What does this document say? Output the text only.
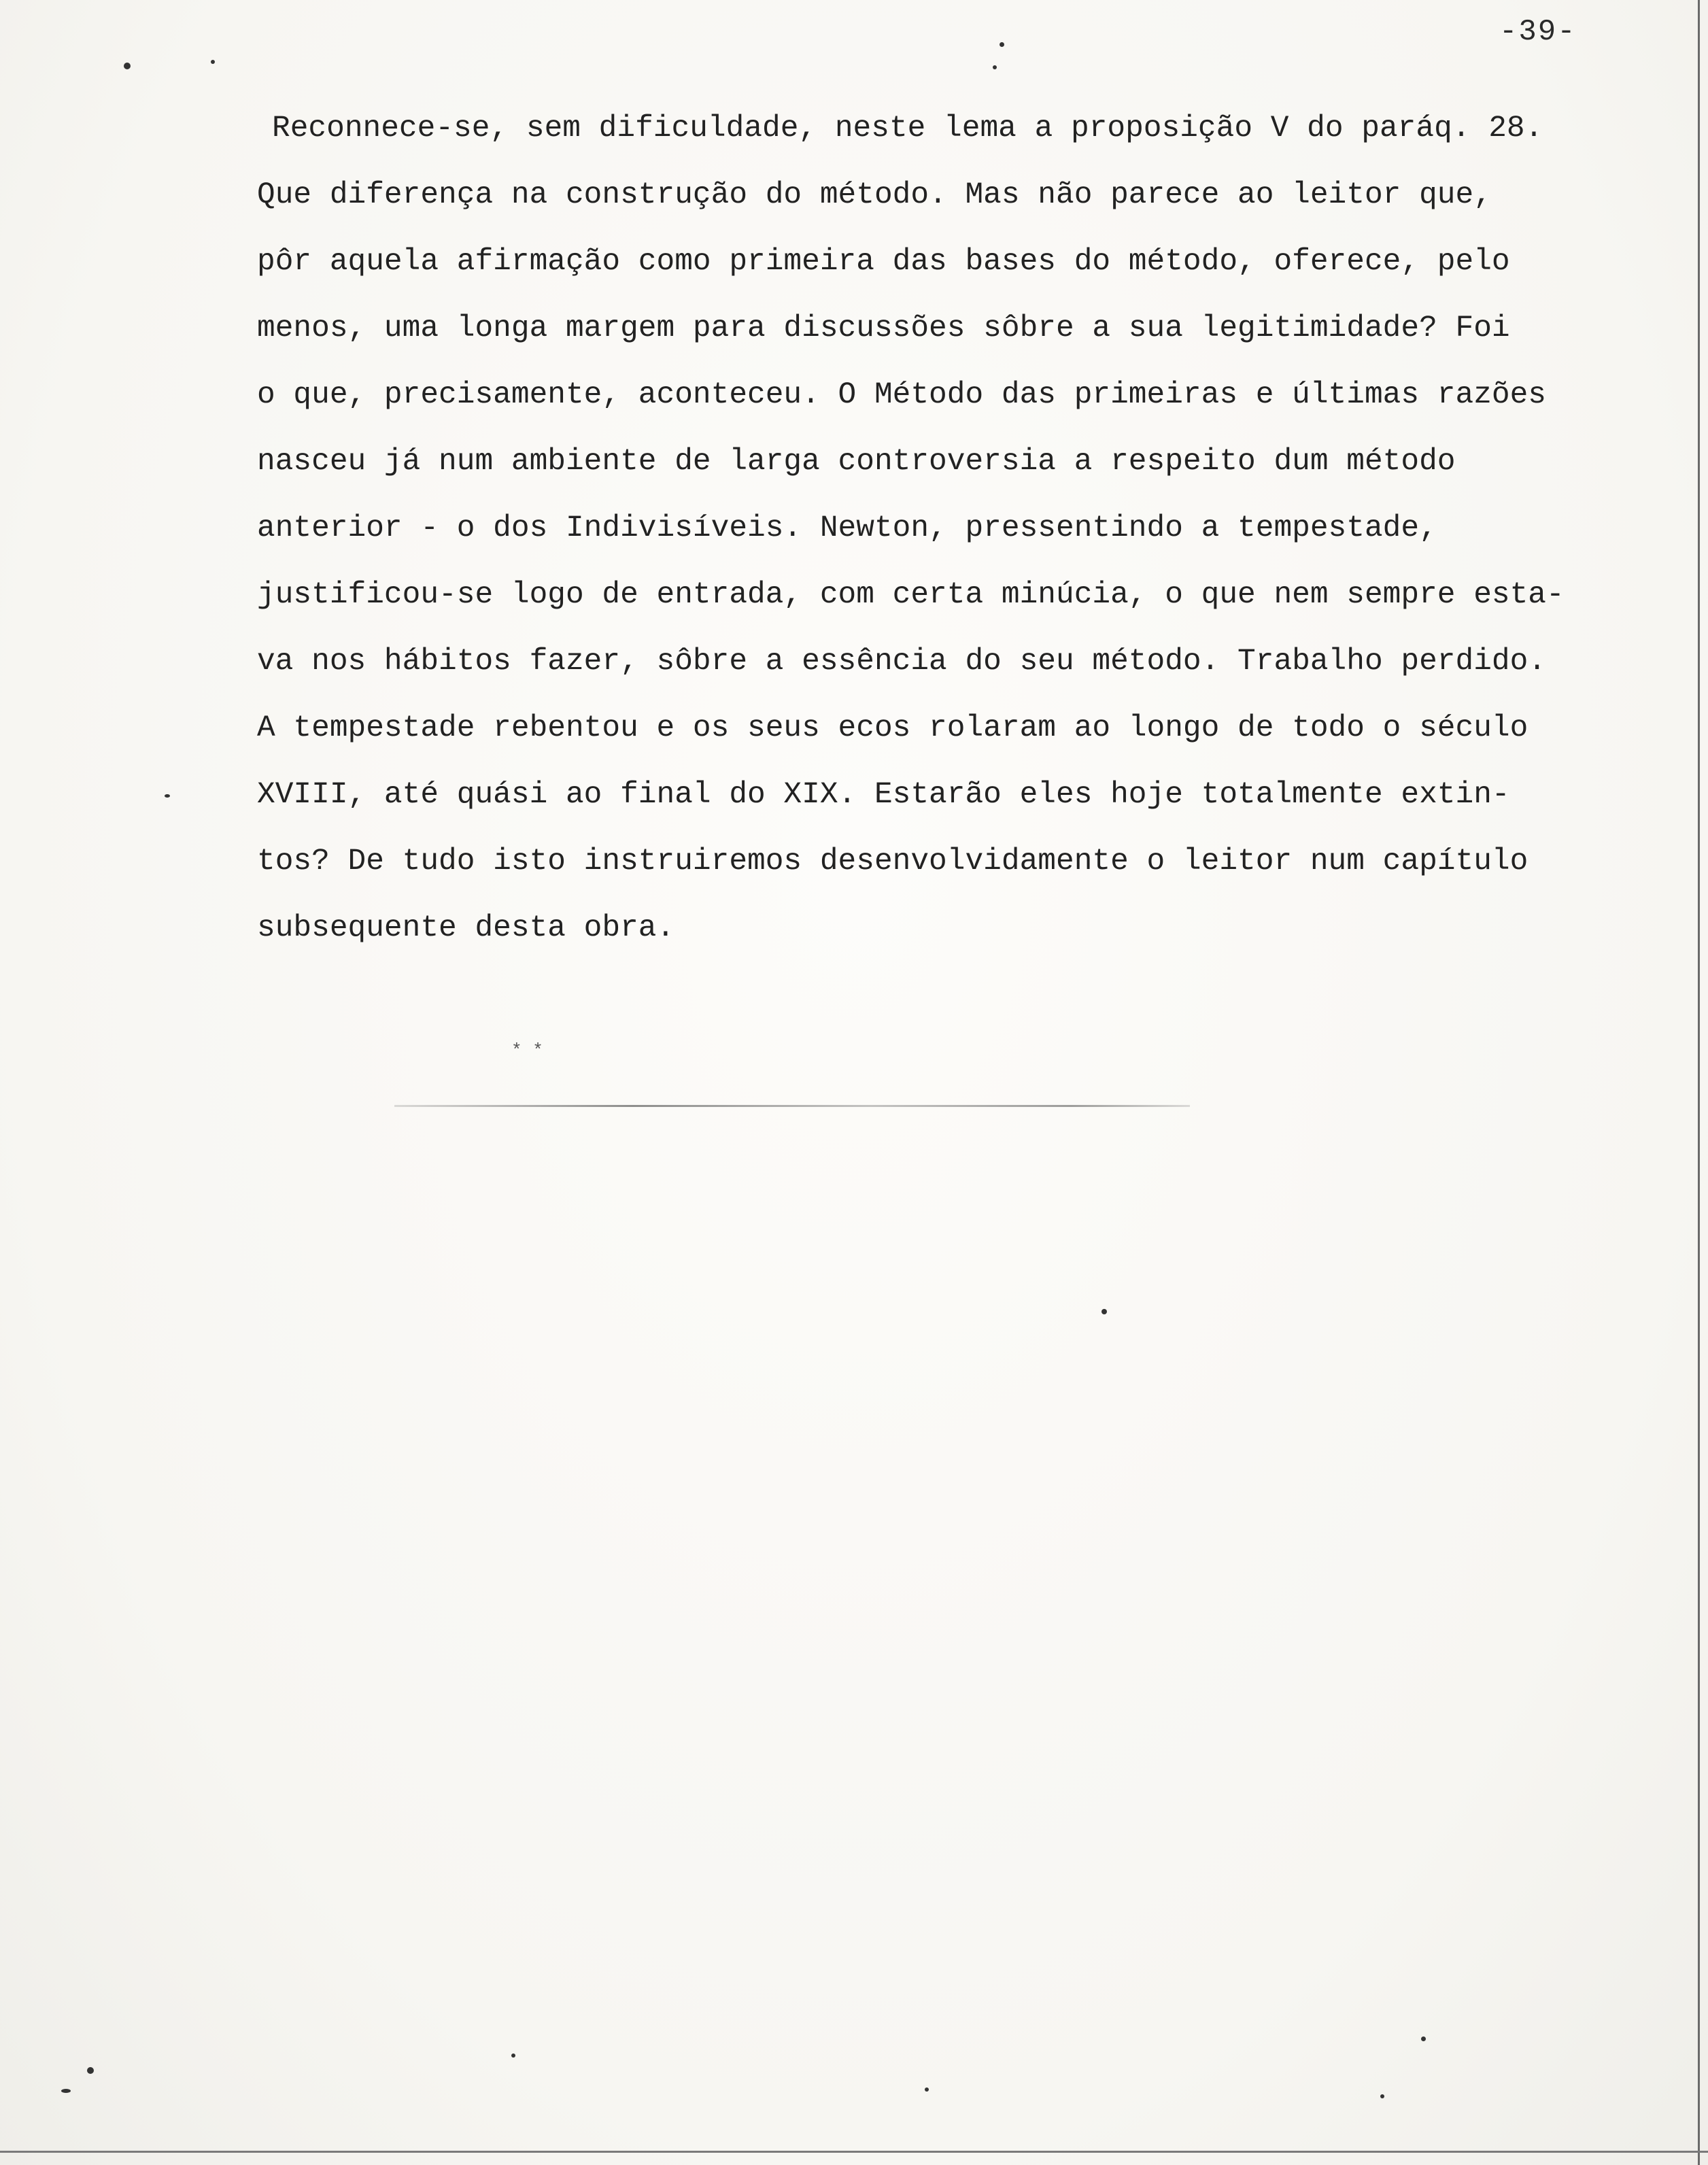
-39-
Reconnece-se, sem dificuldade, neste lema a proposição V do paráq. 28.
Que diferença na construção do método. Mas não parece ao leitor que,
pôr aquela afirmação como primeira das bases do método, oferece, pelo
menos, uma longa margem para discussões sôbre a sua legitimidade? Foi
o que, precisamente, aconteceu. O Método das primeiras e últimas razões
nasceu já num ambiente de larga controversia a respeito dum método
anterior - o dos Indivisíveis. Newton, pressentindo a tempestade,
justificou-se logo de entrada, com certa minúcia, o que nem sempre esta-
va nos hábitos fazer, sôbre a essência do seu método. Trabalho perdido.
A tempestade rebentou e os seus ecos rolaram ao longo de todo o século
XVIII, até quási ao final do XIX. Estarão eles hoje totalmente extin-
tos? De tudo isto instruiremos desenvolvidamente o leitor num capítulo
subsequente desta obra.
* *
